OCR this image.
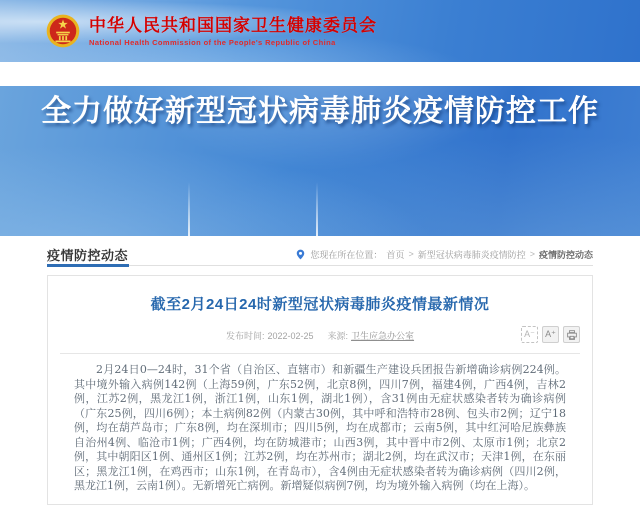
中华人民共和国国家卫生健康委员会
National Health Commission of the People's Republic of China
全力做好新型冠状病毒肺炎疫情防控工作
疫情防控动态	您现在所在位置： 首页 > 新型冠状病毒肺炎疫情防控 > 疫情防控动态
截至2月24日24时新型冠状病毒肺炎疫情最新情况
发布时间: 2022-02-25 来源: 卫生应急办公室	A⁻	A⁺

2月24日0—24时，31个省（自治区、直辖市）和新疆生产建设兵团报告新增确诊病例224例。其中境外输入病例142例（上海59例，广东52例，北京8例，四川7例，福建4例，广西4例，吉林2例，江苏2例，黑龙江1例，浙江1例，山东1例，湖北1例），含31例由无症状感染者转为确诊病例（广东25例，四川6例）；本土病例82例（内蒙古30例，其中呼和浩特市28例、包头市2例；辽宁18例，均在葫芦岛市；广东8例，均在深圳市；四川5例，均在成都市；云南5例，其中红河哈尼族彝族自治州4例、临沧市1例；广西4例，均在防城港市；山西3例，其中晋中市2例、太原市1例；北京2例，其中朝阳区1例、通州区1例；江苏2例，均在苏州市；湖北2例，均在武汉市；天津1例，在东丽区；黑龙江1例，在鸡西市；山东1例，在青岛市），含4例由无症状感染者转为确诊病例（四川2例，黑龙江1例，云南1例）。无新增死亡病例。新增疑似病例7例，均为境外输入病例（均在上海）。
